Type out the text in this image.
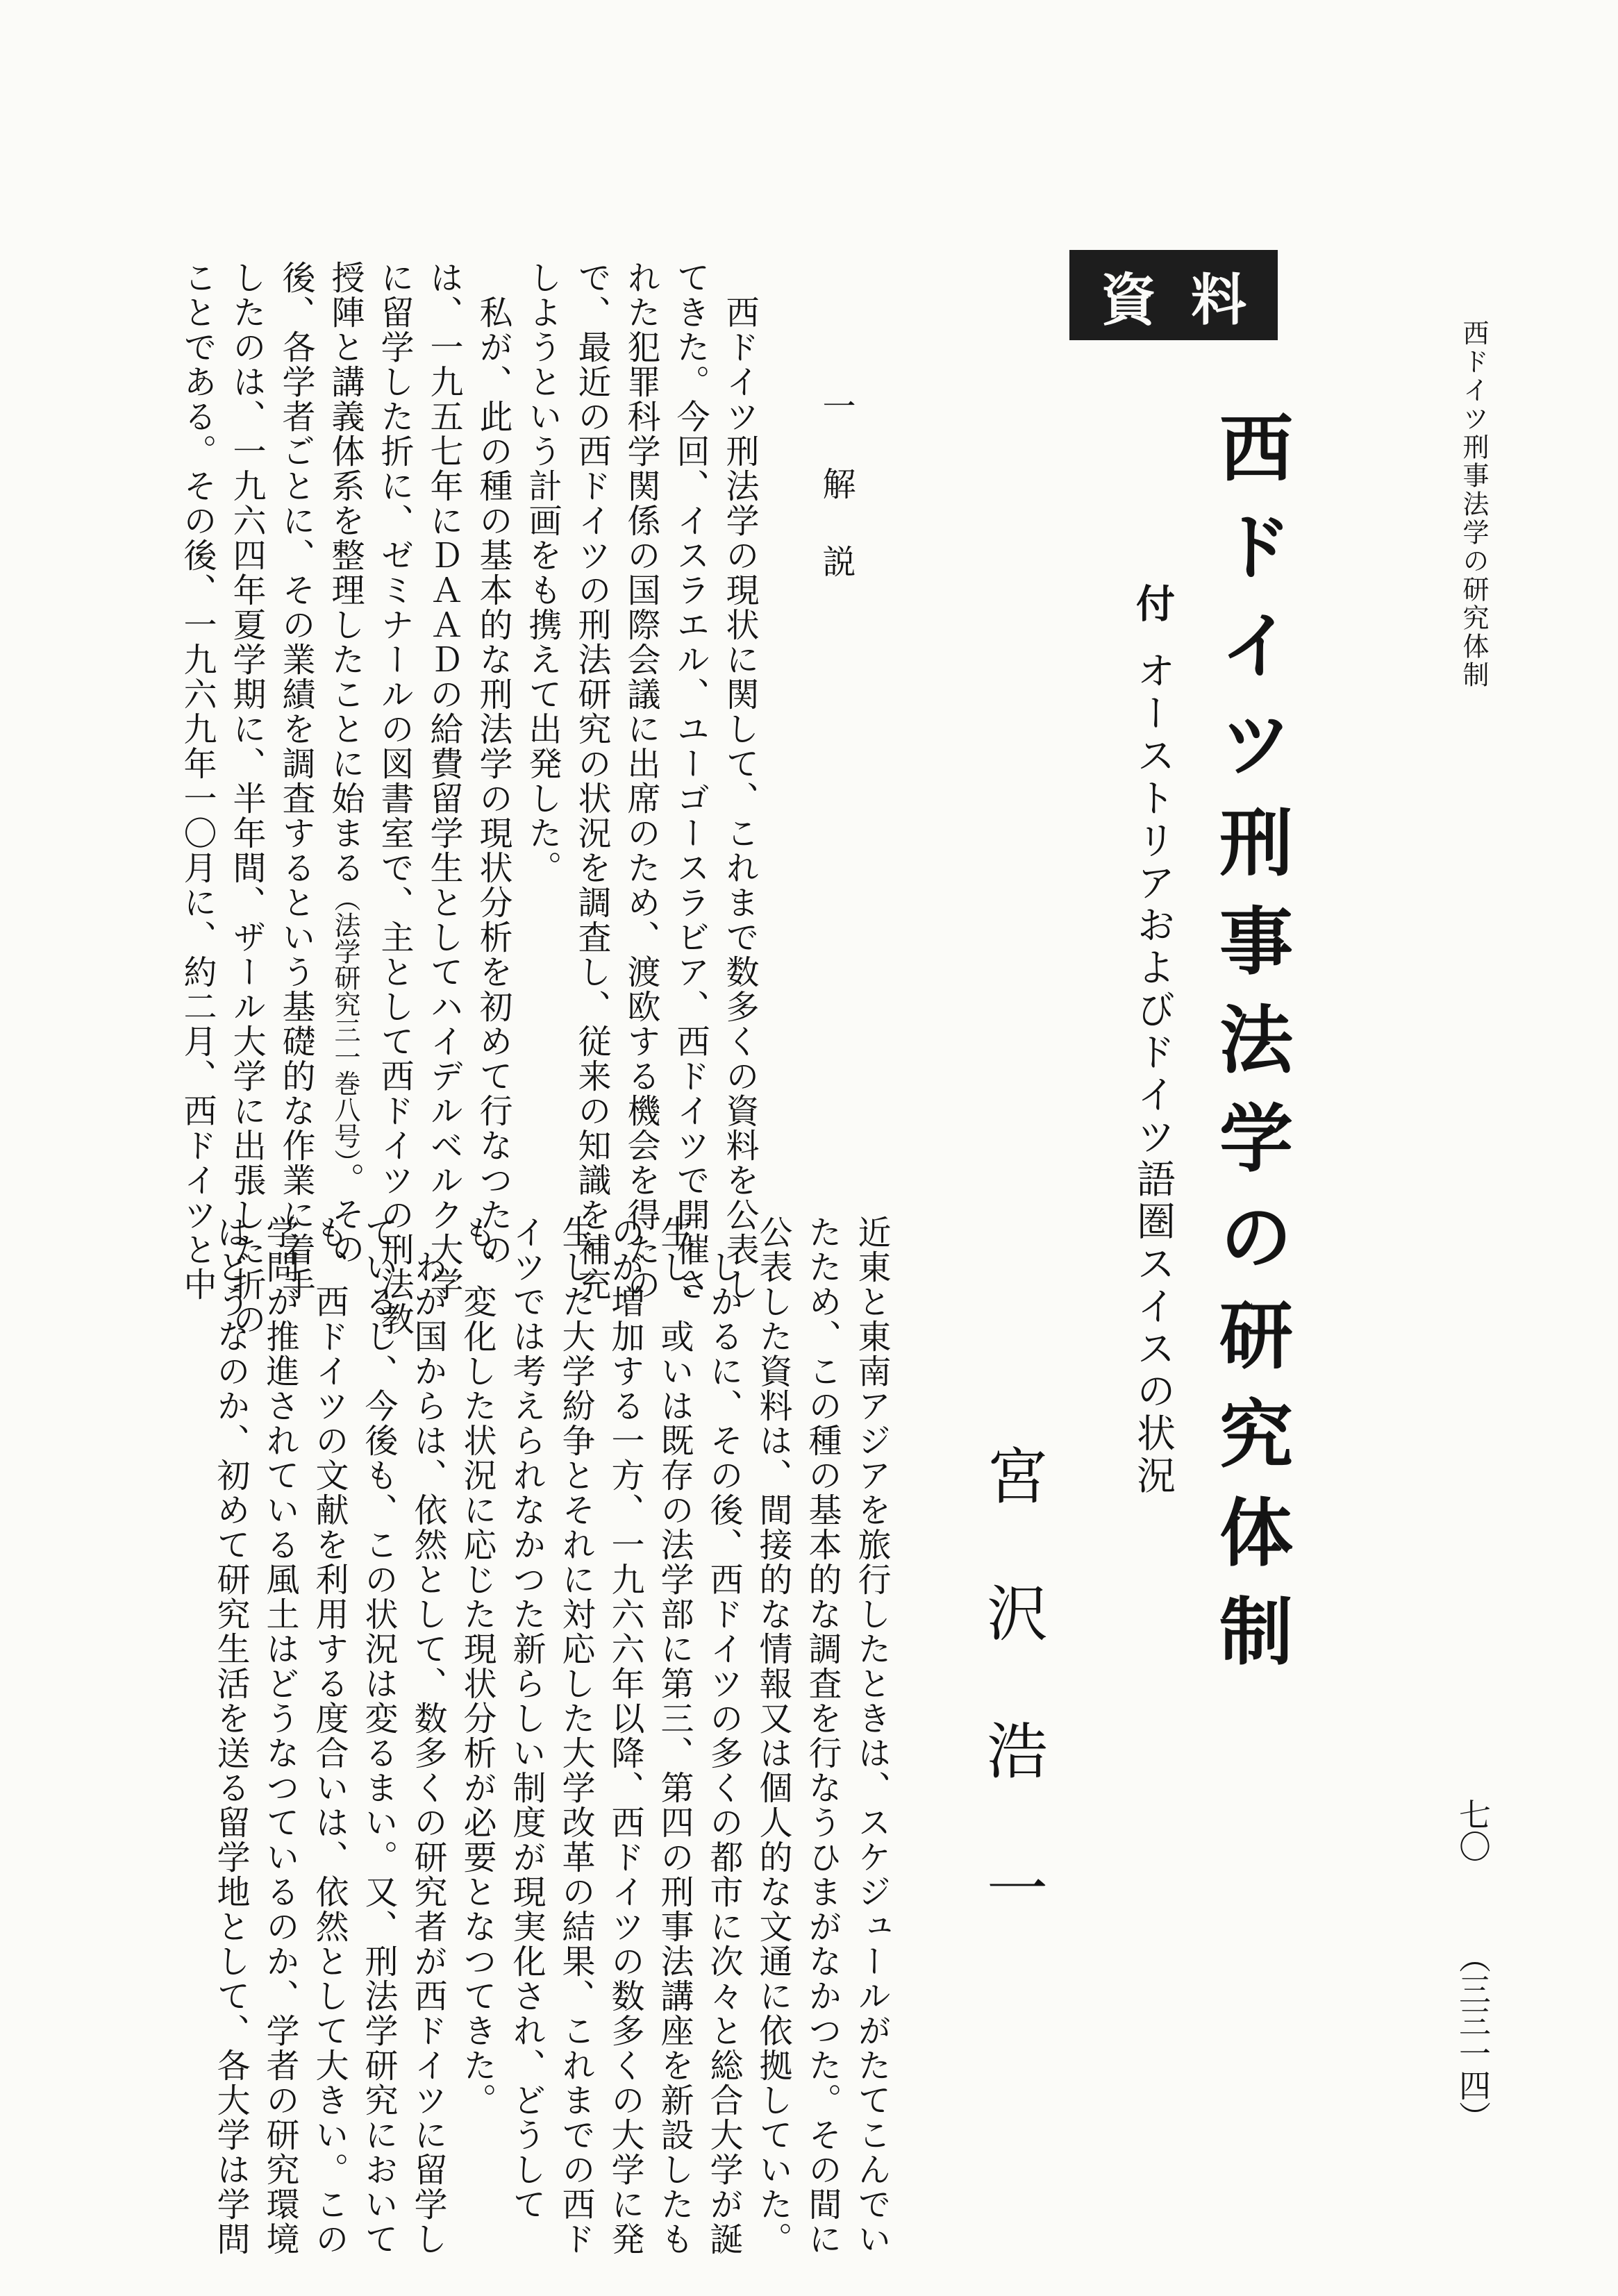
西ドイツ刑事法学の研究体制
七〇 （三三一四）
資料
西ドイツ刑事法学の研究体制
付オーストリアおよびドイツ語圏スイスの状況
宮沢浩一
一　解　説

　西ドイツ刑法学の現状に関して、これまで数多くの資料を公表し

てきた。今回、イスラエル、ユーゴースラビア、西ドイツで開催さ

れた犯罪科学関係の国際会議に出席のため、渡欧する機会を得たの

で、最近の西ドイツの刑法研究の状況を調査し、従来の知識を補充

しようという計画をも携えて出発した。

　私が、此の種の基本的な刑法学の現状分析を初めて行なつたの

は、一九五七年にＤＡＡＤの給費留学生としてハイデルベルク大学

に留学した折に、ゼミナールの図書室で、主として西ドイツの刑法教

授陣と講義体系を整理したことに始まる（法学研究三一巻八号）。その

後、各学者ごとに、その業績を調査するという基礎的な作業に着手

したのは、一九六四年夏学期に、半年間、ザール大学に出張した折の

ことである。その後、一九六九年一〇月に、約二月、西ドイツと中

近東と東南アジアを旅行したときは、スケジュールがたてこんでい

たため、この種の基本的な調査を行なうひまがなかつた。その間に

公表した資料は、間接的な情報又は個人的な文通に依拠していた。

　しかるに、その後、西ドイツの多くの都市に次々と総合大学が誕

生し、或いは既存の法学部に第三、第四の刑事法講座を新設したも

のが増加する一方、一九六六年以降、西ドイツの数多くの大学に発

生した大学紛争とそれに対応した大学改革の結果、これまでの西ド

イツでは考えられなかつた新らしい制度が現実化され、どうして

も、変化した状況に応じた現状分析が必要となつてきた。

　わが国からは、依然として、数多くの研究者が西ドイツに留学し

ているし、今後も、この状況は変るまい。又、刑法学研究において

も、西ドイツの文献を利用する度合いは、依然として大きい。この

学問が推進されている風土はどうなつているのか、学者の研究環境

はどうなのか、初めて研究生活を送る留学地として、各大学は学問
